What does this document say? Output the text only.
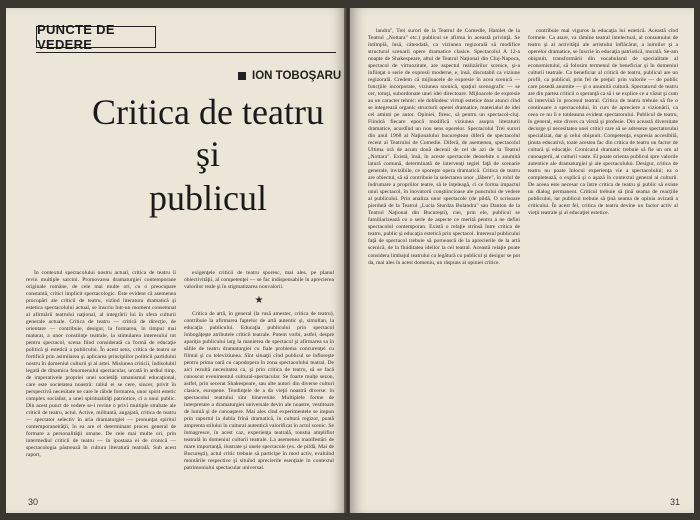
PUNCTE DE VEDERE
ION TOBOŞARU
Critica de teatru
şi
publicul

În contextul spectacolului nostru actual, critica de teatru îi revin multiple sarcini. Promovarea dramaturgiei contemporane originale române, de cele mai multe ori, cu o preocupare constantă, critici implicit spectacologic. Este evident că asemenea procupări ale criticii de teatru, vizînd literatura dramatică şi estetica spectacolului actual, se înscriu într-un moment consemnat al afirmării teatrului naţional, al integrării lui în sfera culturii generale actuale. Critica de teatru — critică de direcţie, de orientare — contribuie, desigur, la formarea, în timpul mai maturat, a unor constiinţe teatrale, la stimularea interesului tot pentru spectacol, scena fiind considerată ca formă de educaţie politică şi estetică a publicului. În acest sens, critica de teatru se fortifică prin asimilarea şi aplicarea principiilor politicii partidului nostru în domeniul culturii şi al artei. Misiunea criticii, îndisolubil legată de dinamica fenomenului spectacular, urcată în ardiul timp, de imperativele propriei unei societăţi umanismul educaţional, care este societatea noastră: raliul ei se cere, sincer, privit în perspectivă necesitate ne care le răbde formarea, unor spirit estetic complex socialist, a unei spiritualităţi patriotice, ci a unui public. Din acest punct de vedere se-i revine o privi multiple strabate ale criticii de teatru, actul. Active, militantă, angajată, critica de teatru — spectator selectiv în aria dramaturgiei — pronunţat spiritul contemporaneităţii, în ea are el determinant proces general de formare a personalităţii umane. De cele mai multe ori, prin intermediul criticii de teatru — în ipostaza ei de cronică — spectacologia păstrează în cultura literatură teatrală. Sub acest raport,

exigenţele criticii de teatru sporesc, mai ales, pe planul obiectivităţii, al competenţei — se fac indispensabile în aprecierea valorilor reale şi în stigmatizarea nonvalorii.

★

Critica de artă, în general (la rusă amestec, critica de teatru), contribuie la afirmarea faptelor de artă autentic şi, simultan, la educaţia publicului. Educaţia publicului prin spectacol îmbogăţeşte atributele criticii teatrale. Putem vorbi, astfel, despre apariţia publicului larg la manierea de spectacol şi afirmarea sa în sălile de teatru dramaturgiei cu fiale problema concurenţei cu filmul şi cu televiziunea. Sînt situaţii cînd publicul se înfloreşte pentru prima oară cu capodopera în zona spectacolului teatral. De aici rezultă necesitatea ca, şi prin critica de teatru, să se facă cunoscut evenimentul cultural-spectacular. Se foarte mulţe sezon, astfel, prin secerat Shakespeare, sau alte autori din diverse culturi clasice, europene. Tendinţele de a da vieţii noastră diverse: în spectacolul teatrului sînt binevenite. Multiplele forme de interpretare a dramaturgiei universale devin ale noastre, vestitoare de lumiă şi de cunoaştere. Mai ales cînd experimentele se impun prin raportul la dubla frînă dramatică, în cultură regizor, poată amprenta stilului în cultural autentică valorificat în actul scenic. Se înmagresce, în acest caz, experienţa teatrală, tonstia ampliflot teatrală în domeniul culturii teatrale. La asemenea manifestări de mare importanţă, ilustrate şi unele spectacole (ex. de pildă, Mai de Bucureşti), actul critic trebuie să participe în mod activ, evaluînd montările respective şi situînd aprecierile esenţiale în contextul patrimoniului spectacular universal.

30

landra", Trei surori de la Teatrul de Comedie, Hamlet de la Teatrul „Nottara" etc.) publicul se afirma în această privinţă. Se întîmplă, însă, câteodată, ca viziunea regizorală să modifice structural scenarii opere dramatice clasice. Spectacolul A 12-a noapte de Shakespeare, altul de Teatrul Naţional din Cluj-Napoca, spectacol de virtuozitate, are aspectul realizărilor scenice, şi-a înfiinţat o serie de expresii moderne, e, însă, discutabil ca viziune regizorală. Credem că mijloacele de expresie în acea scenică — funcţiile incorporate, viziunea scenică, spaţiul scenografic — se cer, totuşi, subordonate unei idei directoare. Mijloacele de expresie au un caracter tehnic: ele dobîndesc virtuţi estetice doar atunci cînd se integrează organic structurii operei dramatice, materialul de idei cel aminti pe autor. Opiniei, firesc, să pentru un spectacol-cluj. Fiindcă fiecare epocă modifică viziunea asupra literaturii dramatice, acordînd un nou sens operelor. Spectacolul Trei surori din anul 1968 al Naţionalului bucureştean diferă de spectacolul recent al Teatrului de Comedie. Diferă, de asemenea, spectacolul Ultima oră de acum două decenii de cel de azi de la Teatrul „Nottara". Există, însă, în aceste spectacole deosebite o anumită latură comună, determinată de intervenţi tegiei faţă de scenarie generale, invizibile, ce sporeşte opera dramatică. Critica de teatru are obiectul, să să contribuie la selectarea unor „lăbere", în rolul de îndrumare a propriilor teatre, să le înţeleagă, ci ce forma impactul unui spectacol, în inovatorii conştiincioase ale punctului de vedere al publicului. Prin analiza unor spectacole (de pildă, O scrisoare pierdută de la Teatrul „Lucia Sturdza Bulandra" sau Danton de la Teatrul Naţional din Bucureşti), ciei, prin ele, publicul se familiarizează cu o serie de aspecte ce merită pentru a ne defini spectacolul contemporan. Există o relaţie strînsă între critica de teatru, public şi educaţia estetică prin spectacol. Interesul publicului faţă de spectacol trebuie să pornească de la aprecierile de la artă scenică, de la fluiditatea ideilor la cel teatral. Această relaţie poate considera limbajul teatrului ca legătură cu publicul şi desigur se pot da, mai ales în acest domeniu, un răspuns al opiniei critice.

contribuie mai viguros la educaţia lui estetică. Această cînd formele. Ca atare, va rămîne teatral intelectual, al consumului de teatru şi al activităţii ale artistului înflăcărat, a inimilor şi a operelor dramatice, se înscrie în educaţia patriotică, morală. Se-am obişnuit, transformării din vocabularul de specialitate al economistului, să folosim termenul de beneficiar şi în domeniul culturii teatrale. Ca beneficiar al criticii de teatru, publicul are un profil, ca publicul, prin fel de preţul: prin valorile — de public care posedă anumite — şi o anumită cultură. Spectatorul de teatru are din partea criticii o speranţă ca să i se explice ce a văzut şi cum să intervină în procesul teatral. Critica de teatru trebuie să fie o continuare a spectacolului, în curs de apreciere a vizionării, ca ceea ce nu îi e totdeauna evident spectatorului. Publicul de teatru, în general, este divers ca vîrstă şi profesie. Din această diversitate decurge şi necesitatea unei critici care să se adreseze spectatorului specializat, dar şi celui obişnuit. Competenţa, expresia accesibilă, ţinuta educativă, toate acestea fac din critica de teatru un factor de cultură şi educaţie. Cronicarul dramatic trebuie să fie un om al cunoaşterii, al culturii vaste. El poate orienta publicul spre valorile autentice ale dramaturgiei şi ale spectacolului. Desigur, critica de teatru nu poate înlocui experienţa vie a spectacolului; ea o completează, o explică şi o aşază în contextul general al culturii. De aceea este necesar ca între critica de teatru şi public să existe un dialog permanent. Criticul trebuie să ţină seama de reacţiile publicului, iar publicul trebuie să ţină seama de opinia avizată a criticului. În acest fel, critica de teatru devine un factor activ al vieţii teatrale şi al educaţiei estetice.

31
